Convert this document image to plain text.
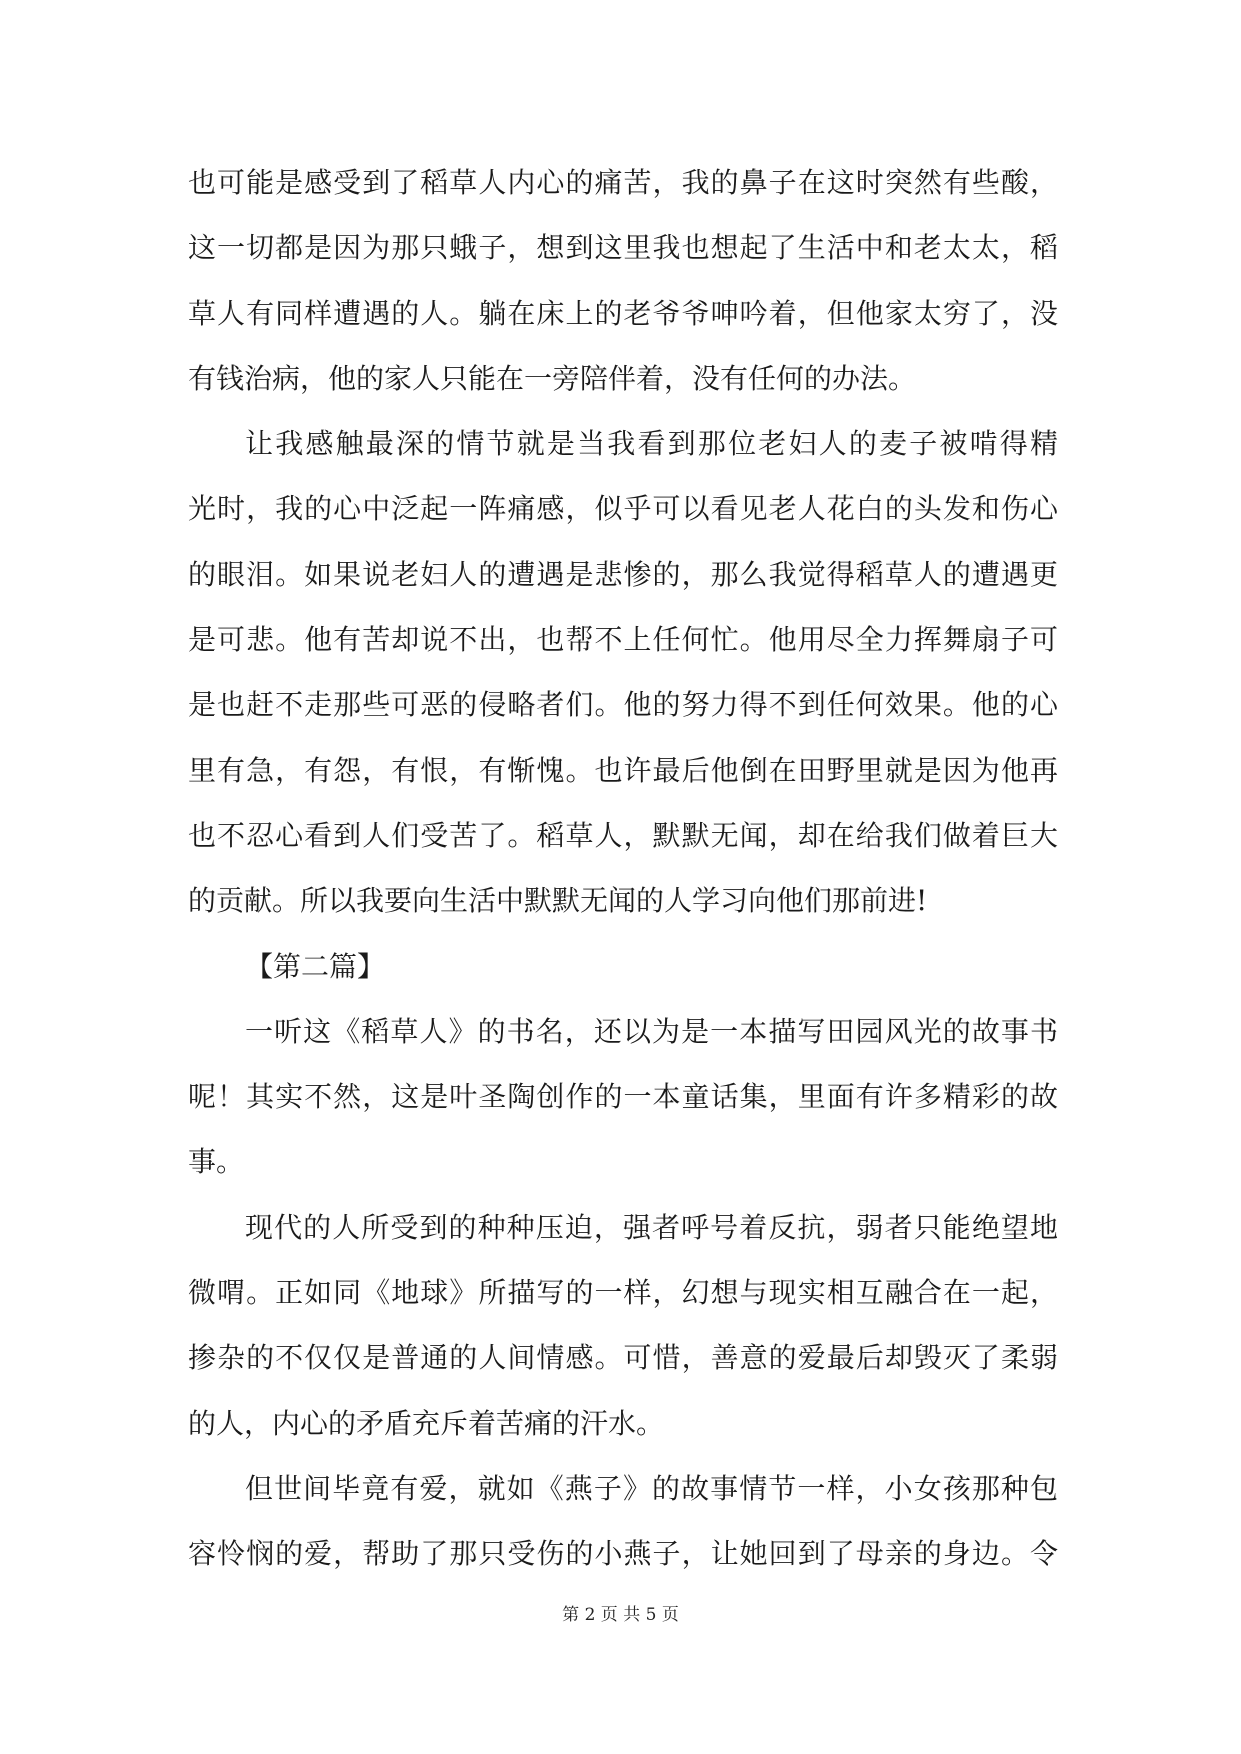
也可能是感受到了稻草人内心的痛苦，我的鼻子在这时突然有些酸，
这一切都是因为那只蛾子，想到这里我也想起了生活中和老太太，稻
草人有同样遭遇的人。躺在床上的老爷爷呻吟着，但他家太穷了，没
有钱治病，他的家人只能在一旁陪伴着，没有任何的办法。
让我感触最深的情节就是当我看到那位老妇人的麦子被啃得精
光时，我的心中泛起一阵痛感，似乎可以看见老人花白的头发和伤心
的眼泪。如果说老妇人的遭遇是悲惨的，那么我觉得稻草人的遭遇更
是可悲。他有苦却说不出，也帮不上任何忙。他用尽全力挥舞扇子可
是也赶不走那些可恶的侵略者们。他的努力得不到任何效果。他的心
里有急，有怨，有恨，有惭愧。也许最后他倒在田野里就是因为他再
也不忍心看到人们受苦了。稻草人，默默无闻，却在给我们做着巨大
的贡献。所以我要向生活中默默无闻的人学习向他们那前进!
【第二篇】
一听这《稻草人》的书名，还以为是一本描写田园风光的故事书
呢！其实不然，这是叶圣陶创作的一本童话集，里面有许多精彩的故
事。
现代的人所受到的种种压迫，强者呼号着反抗，弱者只能绝望地
微喟。正如同《地球》所描写的一样，幻想与现实相互融合在一起，
掺杂的不仅仅是普通的人间情感。可惜，善意的爱最后却毁灭了柔弱
的人，内心的矛盾充斥着苦痛的汗水。
但世间毕竟有爱，就如《燕子》的故事情节一样，小女孩那种包
容怜悯的爱，帮助了那只受伤的小燕子，让她回到了母亲的身边。令
第 2 页 共 5 页
